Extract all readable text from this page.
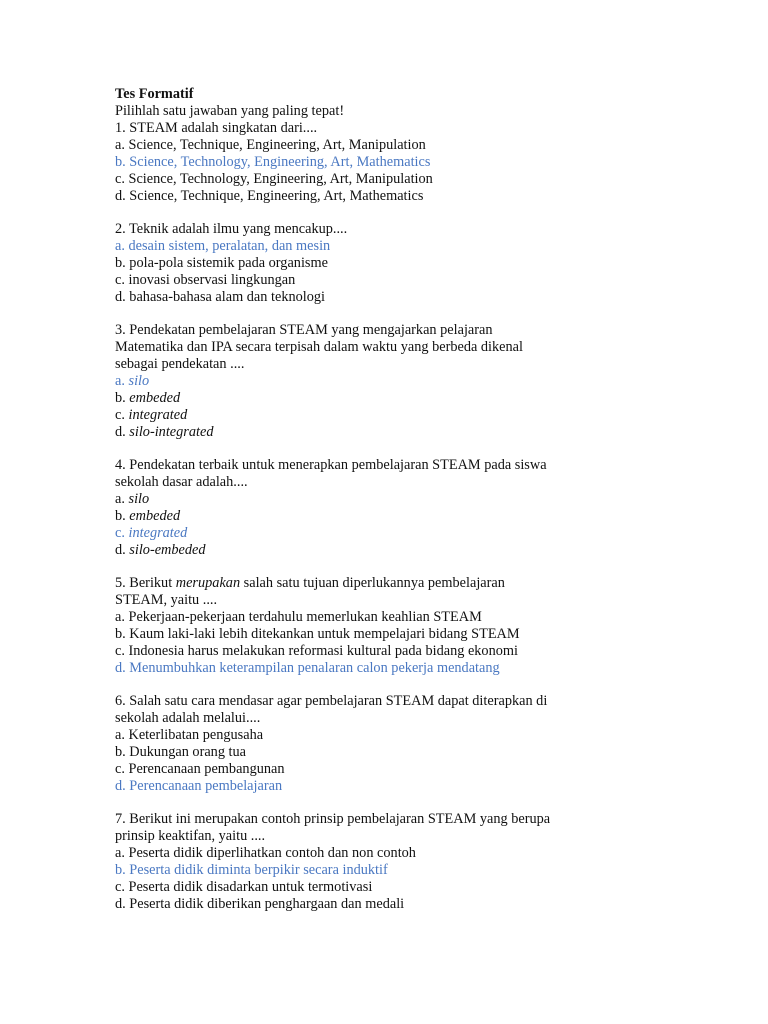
Tes Formatif

Pilihlah satu jawaban yang paling tepat!

1. STEAM adalah singkatan dari....

a. Science, Technique, Engineering, Art, Manipulation

b. Science, Technology, Engineering, Art, Mathematics

c. Science, Technology, Engineering, Art, Manipulation

d. Science, Technique, Engineering, Art, Mathematics

2. Teknik adalah ilmu yang mencakup....

a. desain sistem, peralatan, dan mesin

b. pola-pola sistemik pada organisme

c. inovasi observasi lingkungan

d. bahasa-bahasa alam dan teknologi

3. Pendekatan pembelajaran STEAM yang mengajarkan pelajaran

Matematika dan IPA secara terpisah dalam waktu yang berbeda dikenal

sebagai pendekatan ....

a. silo

b. embeded

c. integrated

d. silo-integrated

4. Pendekatan terbaik untuk menerapkan pembelajaran STEAM pada siswa

sekolah dasar adalah....

a. silo

b. embeded

c. integrated

d. silo-embeded

5. Berikut merupakan salah satu tujuan diperlukannya pembelajaran

STEAM, yaitu ....

a. Pekerjaan-pekerjaan terdahulu memerlukan keahlian STEAM

b. Kaum laki-laki lebih ditekankan untuk mempelajari bidang STEAM

c. Indonesia harus melakukan reformasi kultural pada bidang ekonomi

d. Menumbuhkan keterampilan penalaran calon pekerja mendatang

6. Salah satu cara mendasar agar pembelajaran STEAM dapat diterapkan di

sekolah adalah melalui....

a. Keterlibatan pengusaha

b. Dukungan orang tua

c. Perencanaan pembangunan

d. Perencanaan pembelajaran

7. Berikut ini merupakan contoh prinsip pembelajaran STEAM yang berupa

prinsip keaktifan, yaitu ....

a. Peserta didik diperlihatkan contoh dan non contoh

b. Peserta didik diminta berpikir secara induktif

c. Peserta didik disadarkan untuk termotivasi

d. Peserta didik diberikan penghargaan dan medali
